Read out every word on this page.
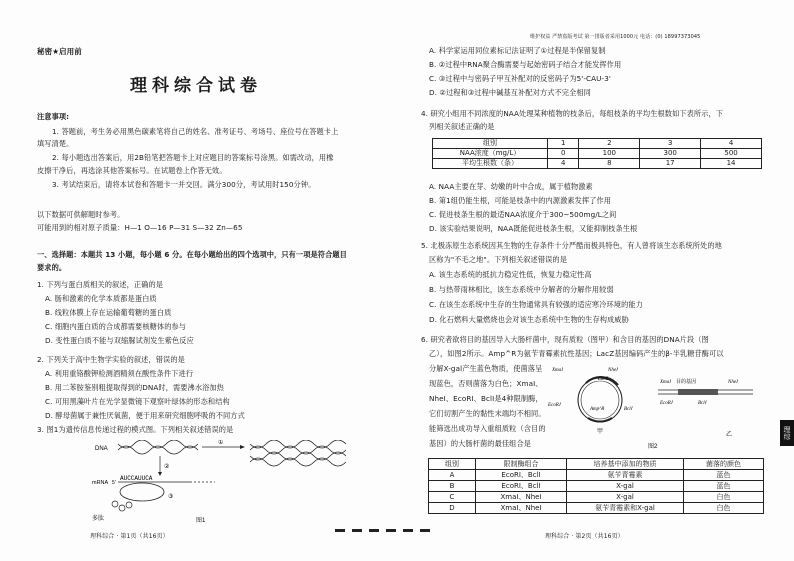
秘密★启用前
理科综合试卷
注意事项:
1. 答题前，考生务必用黑色碳素笔将自己的姓名、准考证号、考场号、座位号在答题卡上
填写清楚。
2. 每小题选出答案后，用2B铅笔把答题卡上对应题目的答案标号涂黑。如需改动，用橡
皮擦干净后，再选涂其他答案标号。在试题卷上作答无效。
3. 考试结束后，请将本试卷和答题卡一并交回。满分300分，考试用时150分钟。
以下数据可供解题时参考。
可能用到的相对原子质量：H—1 O—16 P—31 S—32 Zn—65
一、选择题：本题共 13 小题，每小题 6 分。在每小题给出的四个选项中，只有一项是符合题目
要求的。
1. 下列与蛋白质相关的叙述，正确的是
A. 肠和激素的化学本质都是蛋白质
B. 线粒体膜上存在运输葡萄糖的蛋白质
C. 细胞内蛋白质的合成都需要核糖体的参与
D. 变性蛋白质不能与双缩脲试剂发生紫色反应
2. 下列关于高中生物学实验的叙述，错误的是
A. 利用重铬酸钾检测酒精须在酸性条件下进行
B. 用二苯胺鉴别粗提取得到的DNA时，需要沸水浴加热
C. 可用黑藻叶片在光学显微镜下观察叶绿体的形态和结构
D. 酵母菌属于兼性厌氧菌，便于用来研究细胞呼吸的不同方式
3. 图1为遗传信息传递过程的模式图。下列相关叙述错误的是
DNA
①
②
mRNA 5'
AUCCAUUCA
③
多肽	图1
理科综合 · 第1页（共16页）
维护权益 严禁盗版考试 第一排版者采用1000元 电话：(0) 18997373045
A. 科学家运用同位素标记法证明了①过程是半保留复制
B. ②过程中RNA聚合酶需要与起始密码子结合才能发挥作用
C. ③过程中与密码子甲互补配对的反密码子为5'-CAU-3'
D. ②过程和③过程中碱基互补配对方式不完全相同
4. 研究小组用不同浓度的NAA处理某种植物的枝条后，每组枝条的平均生根数如下表所示，下
列相关叙述正确的是
组别	1	2	3	4
NAA浓度（mg/L）	0	100	300	500
平均生根数（条）	4	8	17	14
A. NAA主要在芽、幼嫩的叶中合成，属于植物激素
B. 第1组仍能生根，可能是枝条中的内源激素发挥了作用
C. 促进枝条生根的最适NAA浓度介于300~500mg/L之间
D. 该实验结果说明，NAA既能促进枝条生根，又能抑制枝条生根
5. 北极冻原生态系统因其生物的生存条件十分严酷而极具特色，有人曾将该生态系统所处的地
区称为"不毛之地"。下列相关叙述错误的是
A. 该生态系统的抵抗力稳定性低，恢复力稳定性高
B. 与热带雨林相比，该生态系统中分解者的分解作用较弱
C. 在该生态系统中生存的生物通常具有较强的适应寒冷环境的能力
D. 化石燃料大量燃烧也会对该生态系统中生物的生存构成威胁
6. 研究者欲将目的基因导入大肠杆菌中，现有质粒（图甲）和含目的基因的DNA片段（图
乙），如图2所示。Amp^R为氨苄青霉素抗性基因；LacZ基因编码产生的β-半乳糖苷酶可以
分解X-gal产生蓝色物质，使菌落呈
现蓝色，否则菌落为白色；XmaⅠ、
NheⅠ、EcoRⅠ、BclⅠ是4种限制酶，
它们切割产生的黏性末端均不相同。
能筛选出成功导入重组质粒（含目的
基因）的大肠杆菌的最佳组合是
LacZ
XmaⅠ	NheⅠ
EcoRⅠ
BclⅠ
Amp^R
甲
XmaⅠ 目的基因	NheⅠ
EcoRⅠ	BclⅠ
乙
图2
组别	限制酶组合	培养基中添加的物质	菌落的颜色
A	EcoRⅠ、BclⅠ	氨苄青霉素	蓝色
B	EcoRⅠ、BclⅠ	X-gal	蓝色
C	XmaⅠ、NheⅠ	X-gal	白色
D	XmaⅠ、NheⅠ	氨苄青霉素和X-gal	白色
理科综合 · 第2页（共16页）
理综
